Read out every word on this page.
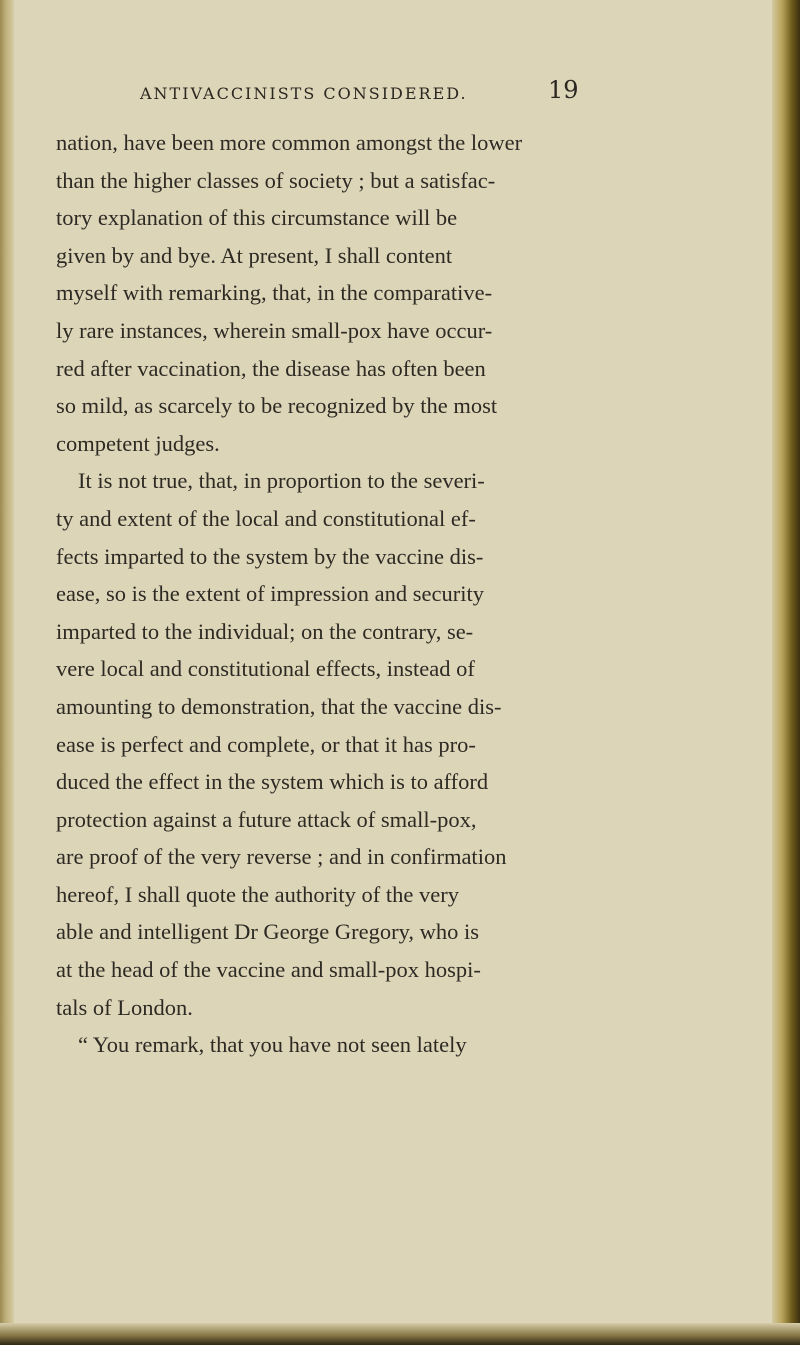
ANTIVACCINISTS CONSIDERED.	19
nation, have been more common amongst the lower
than the higher classes of society ; but a satisfac-
tory explanation of this circumstance will be
given by and bye. At present, I shall content
myself with remarking, that, in the comparative-
ly rare instances, wherein small-pox have occur-
red after vaccination, the disease has often been
so mild, as scarcely to be recognized by the most
competent judges.
It is not true, that, in proportion to the severi-
ty and extent of the local and constitutional ef-
fects imparted to the system by the vaccine dis-
ease, so is the extent of impression and security
imparted to the individual; on the contrary, se-
vere local and constitutional effects, instead of
amounting to demonstration, that the vaccine dis-
ease is perfect and complete, or that it has pro-
duced the effect in the system which is to afford
protection against a future attack of small-pox,
are proof of the very reverse ; and in confirmation
hereof, I shall quote the authority of the very
able and intelligent Dr George Gregory, who is
at the head of the vaccine and small-pox hospi-
tals of London.
“ You remark, that you have not seen lately
